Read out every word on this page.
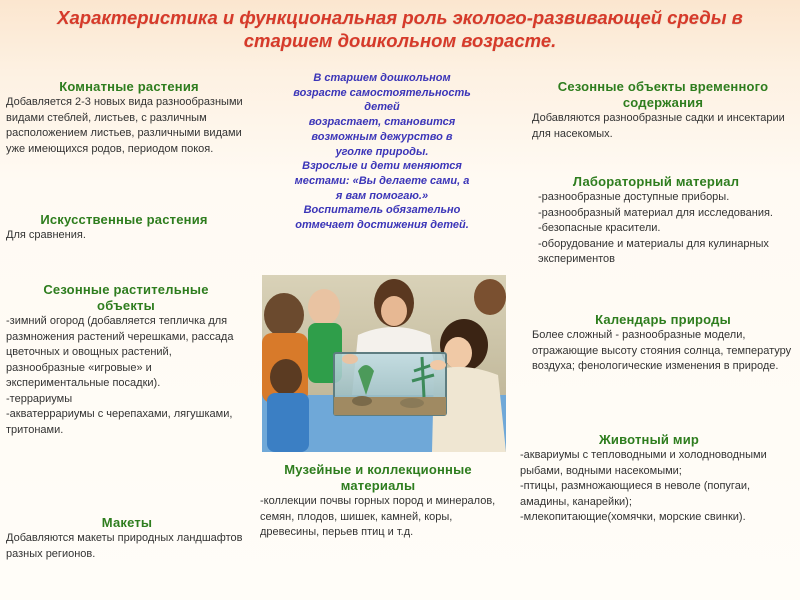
Характеристика и функциональная роль эколого-развивающей среды в старшем дошкольном возрасте.
Комнатные растения
Добавляется 2-3 новых вида разнообразными видами стеблей, листьев, с различным расположением листьев, различными видами уже имеющихся родов, периодом покоя.
Искусственные растения
Для сравнения.
Сезонные растительные объекты
-зимний огород (добавляется тепличка для размножения растений черешками, рассада цветочных и овощных растений, разнообразные «игровые» и экспериментальные посадки).
-террариумы
-акватеррариумы с черепахами, лягушками, тритонами.
Макеты
Добавляются макеты природных ландшафтов разных регионов.
В старшем дошкольном
возрасте самостоятельность
детей
возрастает, становится
возможным дежурство в
уголке природы.
Взрослые и дети меняются
местами: «Вы делаете сами, а
я вам помогаю.»
Воспитатель обязательно
отмечает достижения детей.
Музейные и коллекционные материалы
-коллекции почвы горных пород и минералов, семян, плодов, шишек, камней, коры, древесины, перьев птиц и т.д.
Сезонные объекты временного содержания
Добавляются разнообразные садки и инсектарии для насекомых.
Лабораторный материал
-разнообразные доступные приборы.
-разнообразный материал для исследования.
-безопасные красители.
-оборудование и материалы для кулинарных экспериментов
Календарь природы
Более сложный - разнообразные модели, отражающие высоту стояния солнца, температуру воздуха; фенологические изменения в природе.
Животный мир
-аквариумы с тепловодными и холодноводными рыбами, водными насекомыми;
-птицы, размножающиеся в неволе (попугаи, амадины, канарейки);
-млекопитающие(хомячки, морские свинки).
